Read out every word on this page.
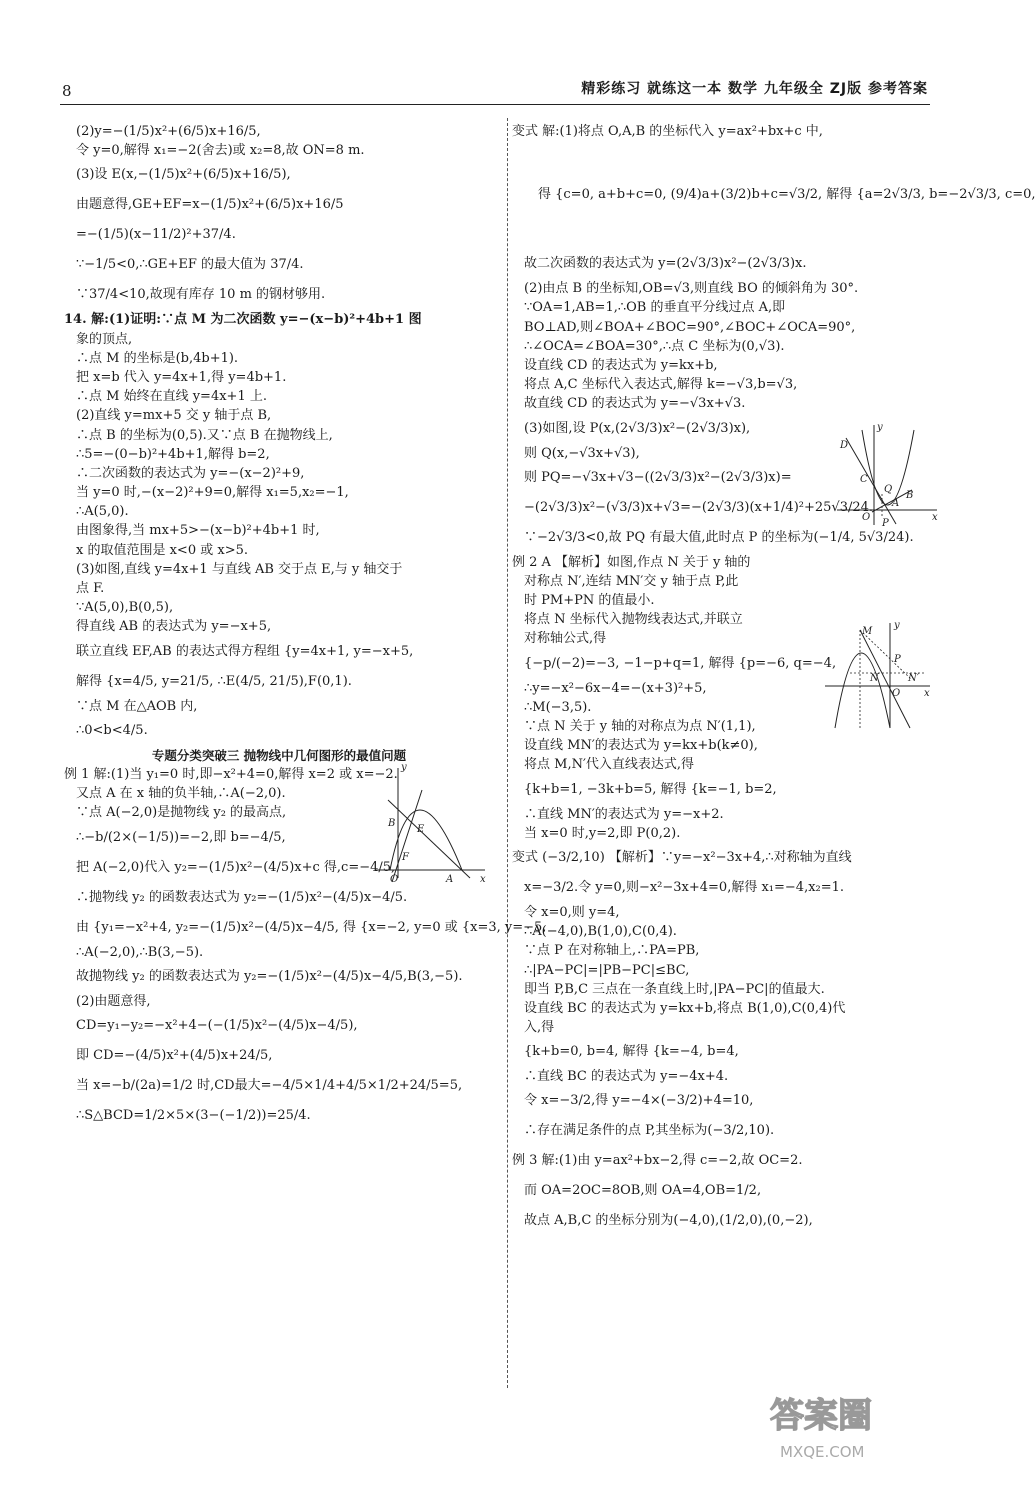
8	精彩练习 就练这一本 数学 九年级全 ZJ版 参考答案
(2)y=−(1/5)x²+(6/5)x+16/5,
令 y=0,解得 x₁=−2(舍去)或 x₂=8,故 ON=8 m.
(3)设 E(x,−(1/5)x²+(6/5)x+16/5),
由题意得,GE+EF=x−(1/5)x²+(6/5)x+16/5
=−(1/5)(x−11/2)²+37/4.
∵−1/5<0,∴GE+EF 的最大值为 37/4.
∵37/4<10,故现有库存 10 m 的钢材够用.
14. 解:(1)证明:∵点 M 为二次函数 y=−(x−b)²+4b+1 图
象的顶点,
∴点 M 的坐标是(b,4b+1).
把 x=b 代入 y=4x+1,得 y=4b+1.
∴点 M 始终在直线 y=4x+1 上.
(2)直线 y=mx+5 交 y 轴于点 B,
∴点 B 的坐标为(0,5).又∵点 B 在抛物线上,
∴5=−(0−b)²+4b+1,解得 b=2,
∴二次函数的表达式为 y=−(x−2)²+9,
当 y=0 时,−(x−2)²+9=0,解得 x₁=5,x₂=−1,
∴A(5,0).
由图象得,当 mx+5>−(x−b)²+4b+1 时,
x 的取值范围是 x<0 或 x>5.
(3)如图,直线 y=4x+1 与直线 AB 交于点 E,与 y 轴交于
点 F.
∵A(5,0),B(0,5),
得直线 AB 的表达式为 y=−x+5,
联立直线 EF,AB 的表达式得方程组 {y=4x+1, y=−x+5,
解得 {x=4/5, y=21/5, ∴E(4/5, 21/5),F(0,1).
∵点 M 在△AOB 内,
∴0<b<4/5.
专题分类突破三 抛物线中几何图形的最值问题
例 1 解:(1)当 y₁=0 时,即−x²+4=0,解得 x=2 或 x=−2.
又点 A 在 x 轴的负半轴,∴A(−2,0).
∵点 A(−2,0)是抛物线 y₂ 的最高点,
∴−b/(2×(−1/5))=−2,即 b=−4/5,
把 A(−2,0)代入 y₂=−(1/5)x²−(4/5)x+c 得,c=−4/5,
∴抛物线 y₂ 的函数表达式为 y₂=−(1/5)x²−(4/5)x−4/5.
由 {y₁=−x²+4, y₂=−(1/5)x²−(4/5)x−4/5, 得 {x=−2, y=0 或 {x=3, y=−5,
∴A(−2,0),∴B(3,−5).
故抛物线 y₂ 的函数表达式为 y₂=−(1/5)x²−(4/5)x−4/5,B(3,−5).
(2)由题意得,
CD=y₁−y₂=−x²+4−(−(1/5)x²−(4/5)x−4/5),
即 CD=−(4/5)x²+(4/5)x+24/5,
当 x=−b/(2a)=1/2 时,CD最大=−4/5×1/4+4/5×1/2+24/5=5,
∴S△BCD=1/2×5×(3−(−1/2))=25/4.
y
B
E
F
O	A	x
变式 解:(1)将点 O,A,B 的坐标代入 y=ax²+bx+c 中,
得 {c=0, a+b+c=0, (9/4)a+(3/2)b+c=√3/2, 解得 {a=2√3/3, b=−2√3/3, c=0,
故二次函数的表达式为 y=(2√3/3)x²−(2√3/3)x.
(2)由点 B 的坐标知,OB=√3,则直线 BO 的倾斜角为 30°.
∵OA=1,AB=1,∴OB 的垂直平分线过点 A,即
BO⊥AD,则∠BOA+∠BOC=90°,∠BOC+∠OCA=90°,
∴∠OCA=∠BOA=30°,∴点 C 坐标为(0,√3).
设直线 CD 的表达式为 y=kx+b,
将点 A,C 坐标代入表达式,解得 k=−√3,b=√3,
故直线 CD 的表达式为 y=−√3x+√3.
(3)如图,设 P(x,(2√3/3)x²−(2√3/3)x),
则 Q(x,−√3x+√3),
则 PQ=−√3x+√3−((2√3/3)x²−(2√3/3)x)=
−(2√3/3)x²−(√3/3)x+√3=−(2√3/3)(x+1/4)²+25√3/24.
∵−2√3/3<0,故 PQ 有最大值,此时点 P 的坐标为(−1/4, 5√3/24).
例 2 A 【解析】如图,作点 N 关于 y 轴的
对称点 N′,连结 MN′交 y 轴于点 P,此
时 PM+PN 的值最小.
将点 N 坐标代入抛物线表达式,并联立
对称轴公式,得
{−p/(−2)=−3, −1−p+q=1, 解得 {p=−6, q=−4,
∴y=−x²−6x−4=−(x+3)²+5,
∴M(−3,5).
∵点 N 关于 y 轴的对称点为点 N′(1,1),
设直线 MN′的表达式为 y=kx+b(k≠0),
将点 M,N′代入直线表达式,得
{k+b=1, −3k+b=5, 解得 {k=−1, b=2,
∴直线 MN′的表达式为 y=−x+2.
当 x=0 时,y=2,即 P(0,2).
变式 (−3/2,10) 【解析】∵y=−x²−3x+4,∴对称轴为直线
x=−3/2.令 y=0,则−x²−3x+4=0,解得 x₁=−4,x₂=1.
令 x=0,则 y=4,
∴A(−4,0),B(1,0),C(0,4).
∵点 P 在对称轴上,∴PA=PB,
∴|PA−PC|=|PB−PC|≤BC,
即当 P,B,C 三点在一条直线上时,|PA−PC|的值最大.
设直线 BC 的表达式为 y=kx+b,将点 B(1,0),C(0,4)代
入,得
{k+b=0, b=4, 解得 {k=−4, b=4,
∴直线 BC 的表达式为 y=−4x+4.
令 x=−3/2,得 y=−4×(−3/2)+4=10,
∴存在满足条件的点 P,其坐标为(−3/2,10).
例 3 解:(1)由 y=ax²+bx−2,得 c=−2,故 OC=2.
而 OA=2OC=8OB,则 OA=4,OB=1/2,
故点 A,B,C 的坐标分别为(−4,0),(1/2,0),(0,−2),
D
y
C
Q
A
B
O
P
x
M
y
P
N	N′
O x
答案圈
MXQE.COM
